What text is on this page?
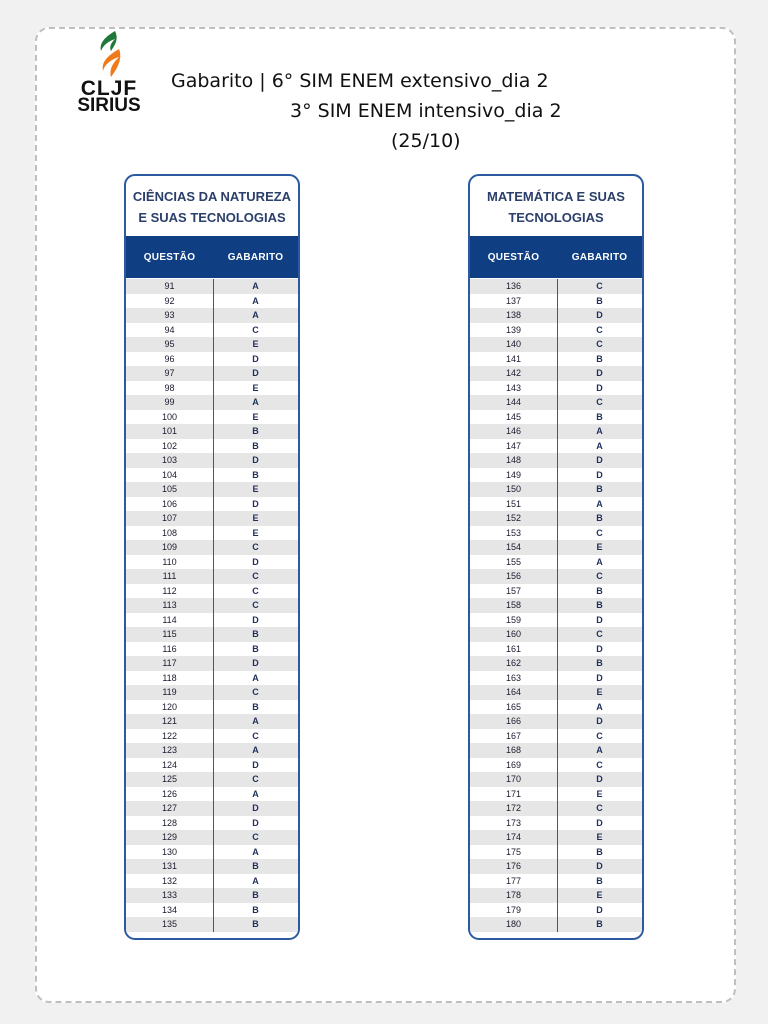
CLJF
SIRIUS
Gabarito | 6° SIM ENEM extensivo_dia 2
3° SIM ENEM intensivo_dia 2
(25/10)
CIÊNCIAS DA NATUREZA
E SUAS TECNOLOGIAS
QUESTÃO	GABARITO
91	A
92	A
93	A
94	C
95	E
96	D
97	D
98	E
99	A
100	E
101	B
102	B
103	D
104	B
105	E
106	D
107	E
108	E
109	C
110	D
111	C
112	C
113	C
114	D
115	B
116	B
117	D
118	A
119	C
120	B
121	A
122	C
123	A
124	D
125	C
126	A
127	D
128	D
129	C
130	A
131	B
132	A
133	B
134	B
135	B
MATEMÁTICA E SUAS
TECNOLOGIAS
QUESTÃO	GABARITO
136	C
137	B
138	D
139	C
140	C
141	B
142	D
143	D
144	C
145	B
146	A
147	A
148	D
149	D
150	B
151	A
152	B
153	C
154	E
155	A
156	C
157	B
158	B
159	D
160	C
161	D
162	B
163	D
164	E
165	A
166	D
167	C
168	A
169	C
170	D
171	E
172	C
173	D
174	E
175	B
176	D
177	B
178	E
179	D
180	B
